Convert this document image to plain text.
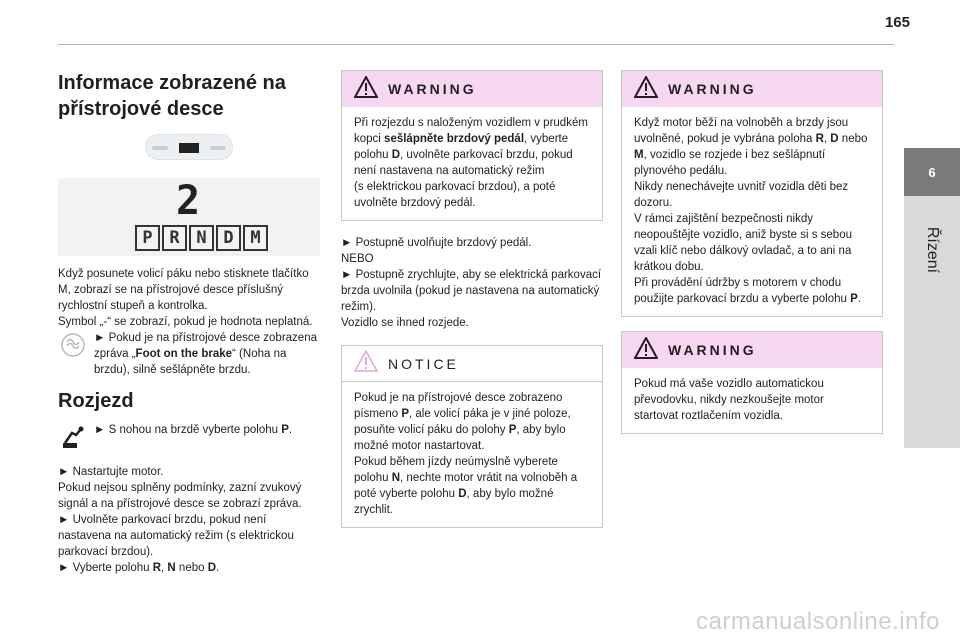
165
6
Řízení
Informace zobrazené na přístrojové desce
2
P R N D M

Když posunete volicí páku nebo stisknete tlačítko M, zobrazí se na přístrojové desce příslušný rychlostní stupeň a kontrolka.

Symbol „-“ se zobrazí, pokud je hodnota neplatná.

► Pokud je na přístrojové desce zobrazena zpráva „Foot on the brake“ (Noha na brzdu), silně sešlápněte brzdu.

Rozjezd

► S nohou na brzdě vyberte polohu P.

► Nastartujte motor.

Pokud nejsou splněny podmínky, zazní zvukový signál a na přístrojové desce se zobrazí zpráva.

► Uvolněte parkovací brzdu, pokud není nastavena na automatický režim (s elektrickou parkovací brzdou).

► Vyberte polohu R, N nebo D.

WARNING

Při rozjezdu s naloženým vozidlem v prudkém kopci sešlápněte brzdový pedál, vyberte polohu D, uvolněte parkovací brzdu, pokud není nastavena na automatický režim

(s elektrickou parkovací brzdou), a poté uvolněte brzdový pedál.

► Postupně uvolňujte brzdový pedál.

NEBO

► Postupně zrychlujte, aby se elektrická parkovací brzda uvolnila (pokud je nastavena na automatický režim).

Vozidlo se ihned rozjede.

NOTICE

Pokud je na přístrojové desce zobrazeno písmeno P, ale volicí páka je v jiné poloze, posuňte volicí páku do polohy P, aby bylo možné motor nastartovat.

Pokud během jízdy neúmyslně vyberete polohu N, nechte motor vrátit na volnoběh a poté vyberte polohu D, aby bylo možné zrychlit.

WARNING

Když motor běží na volnoběh a brzdy jsou uvolněné, pokud je vybrána poloha R, D nebo M, vozidlo se rozjede i bez sešlápnutí plynového pedálu.

Nikdy nenechávejte uvnitř vozidla děti bez dozoru.

V rámci zajištění bezpečnosti nikdy neopouštějte vozidlo, aniž byste si s sebou vzali klíč nebo dálkový ovladač, a to ani na krátkou dobu.

Při provádění údržby s motorem v chodu použijte parkovací brzdu a vyberte polohu P.

WARNING

Pokud má vaše vozidlo automatickou převodovku, nikdy nezkoušejte motor startovat roztlačením vozidla.

carmanualsonline.info
